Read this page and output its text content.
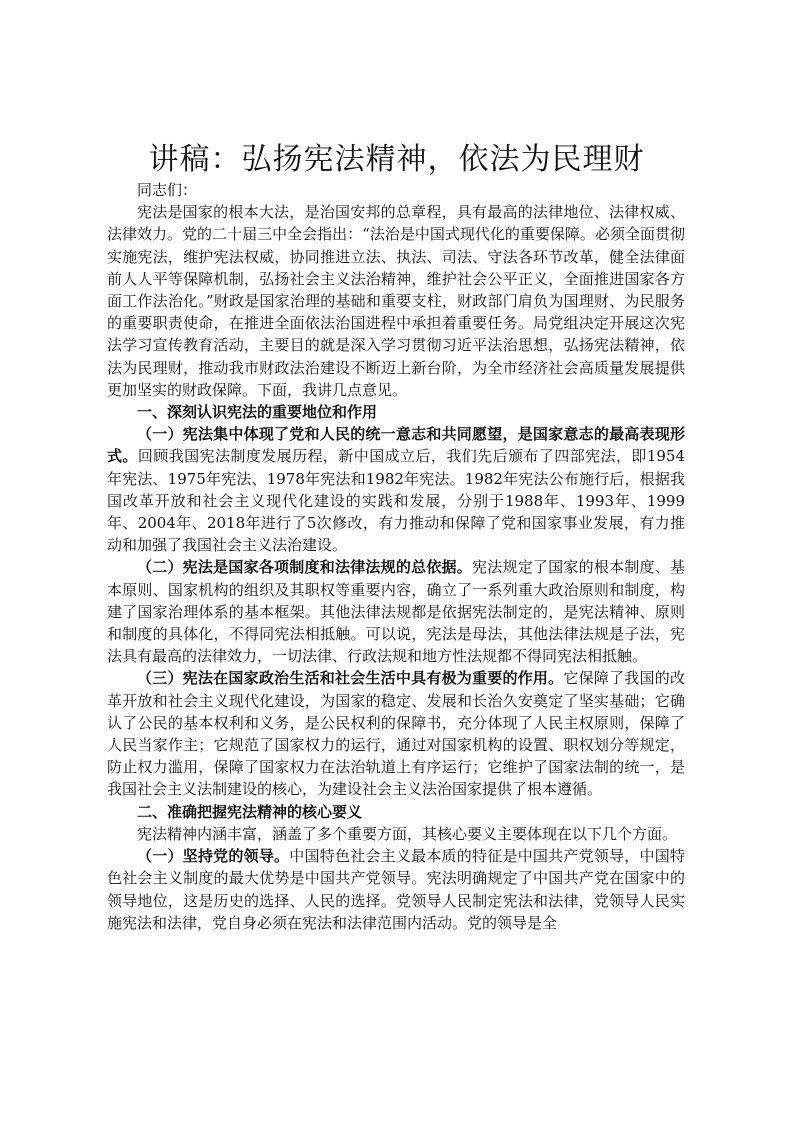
讲稿：弘扬宪法精神，依法为民理财

同志们：

宪法是国家的根本大法，是治国安邦的总章程，具有最高的法律地位、法律权威、法律效力。党的二十届三中全会指出：“法治是中国式现代化的重要保障。必须全面贯彻实施宪法，维护宪法权威，协同推进立法、执法、司法、守法各环节改革，健全法律面前人人平等保障机制，弘扬社会主义法治精神，维护社会公平正义，全面推进国家各方面工作法治化。”财政是国家治理的基础和重要支柱，财政部门肩负为国理财、为民服务的重要职责使命，在推进全面依法治国进程中承担着重要任务。局党组决定开展这次宪法学习宣传教育活动，主要目的就是深入学习贯彻习近平法治思想，弘扬宪法精神，依法为民理财，推动我市财政法治建设不断迈上新台阶，为全市经济社会高质量发展提供更加坚实的财政保障。下面，我讲几点意见。

一、深刻认识宪法的重要地位和作用

（一）宪法集中体现了党和人民的统一意志和共同愿望，是国家意志的最高表现形式。回顾我国宪法制度发展历程，新中国成立后，我们先后颁布了四部宪法，即1954年宪法、1975年宪法、1978年宪法和1982年宪法。1982年宪法公布施行后，根据我国改革开放和社会主义现代化建设的实践和发展，分别于1988年、1993年、1999年、2004年、2018年进行了5次修改，有力推动和保障了党和国家事业发展，有力推动和加强了我国社会主义法治建设。

（二）宪法是国家各项制度和法律法规的总依据。宪法规定了国家的根本制度、基本原则、国家机构的组织及其职权等重要内容，确立了一系列重大政治原则和制度，构建了国家治理体系的基本框架。其他法律法规都是依据宪法制定的，是宪法精神、原则和制度的具体化，不得同宪法相抵触。可以说，宪法是母法，其他法律法规是子法，宪法具有最高的法律效力，一切法律、行政法规和地方性法规都不得同宪法相抵触。

（三）宪法在国家政治生活和社会生活中具有极为重要的作用。它保障了我国的改革开放和社会主义现代化建设，为国家的稳定、发展和长治久安奠定了坚实基础；它确认了公民的基本权利和义务，是公民权利的保障书，充分体现了人民主权原则，保障了人民当家作主；它规范了国家权力的运行，通过对国家机构的设置、职权划分等规定，防止权力滥用，保障了国家权力在法治轨道上有序运行；它维护了国家法制的统一，是我国社会主义法制建设的核心，为建设社会主义法治国家提供了根本遵循。

二、准确把握宪法精神的核心要义

宪法精神内涵丰富，涵盖了多个重要方面，其核心要义主要体现在以下几个方面。

（一）坚持党的领导。中国特色社会主义最本质的特征是中国共产党领导，中国特色社会主义制度的最大优势是中国共产党领导。宪法明确规定了中国共产党在国家中的领导地位，这是历史的选择、人民的选择。党领导人民制定宪法和法律，党领导人民实施宪法和法律，党自身必须在宪法和法律范围内活动。党的领导是全
